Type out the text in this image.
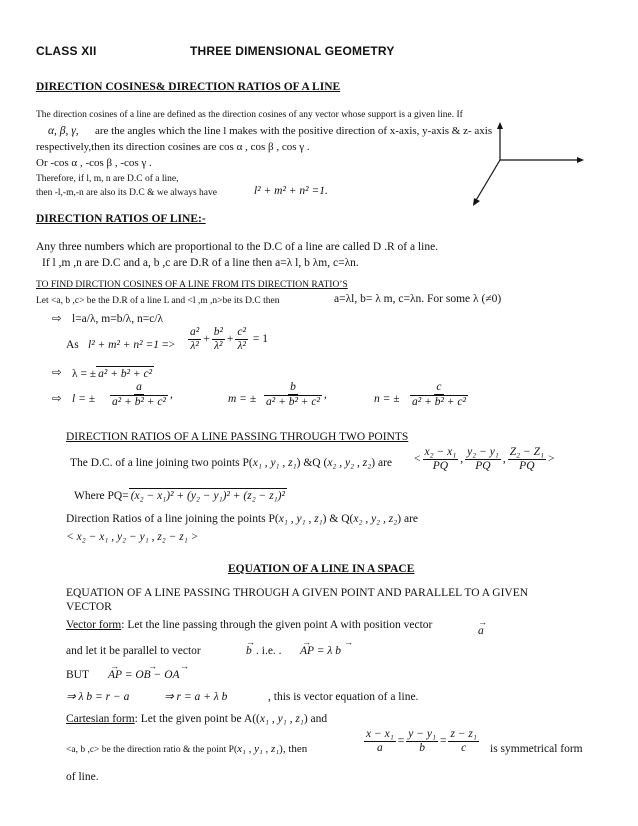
CLASS XII	THREE DIMENSIONAL GEOMETRY
DIRECTION COSINES& DIRECTION RATIOS OF A LINE
The direction cosines of a line are defined as the direction cosines of any vector whose support is a given line. If
α, β, γ, are the angles which the line l makes with the positive direction of x-axis, y-axis & z- axis
respectively,then its direction cosines are cos α , cos β , cos γ .
Or -cos α , -cos β , -cos γ .
Therefore, if l, m, n are D.C of a line,
then -l,-m,-n are also its D.C & we always have	l² + m² + n² =1.
DIRECTION RATIOS OF LINE:-
Any three numbers which are proportional to the D.C of a line are called D .R of a line.
If l ,m ,n are D.C and a, b ,c are D.R of a line then a=λ l, b λm, c=λn.
TO FIND DIRCTION COSINES OF A LINE FROM ITS DIRECTION RATIO’S
Let <a, b ,c> be the D.R of a line L and <l ,m ,n>be its D.C then	a=λl, b= λ m, c=λn. For some λ (≠0)
⇨ l=a/λ, m=b/λ, n=c/λ
As $l^2 + m^2 + n^2 =1 => \frac{\text{a²}}{\text{λ²}} + \frac{\text{b²}}{\text{λ²}} + \frac{\text{c²}}{\text{λ²}} = 1$
⇨ λ = ± a² + b² + c²
⇨ l = ± $\frac{a}{\text{a² + b² + c²}}$ ,	m = ± $\frac{b}{\text{a² + b² + c²}}$ ,	n = ± $\frac{c}{\text{a² + b² + c²}}$
DIRECTION RATIOS OF A LINE PASSING THROUGH TWO POINTS
The D.C. of a line joining two points P(x₁ , y₁ , z₁) &Q (x₂ , y₂ , z₂) are < $\frac{\text{x₂ − x₁}}{PQ}$ , $\frac{\text{y₂ − y₁}}{PQ}$ , $\frac{\text{Z₂ − Z₁}}{PQ}$ >
Where PQ= (x₂ − x₁)² + (y₂ − y₁)² + (z₂ − z₁)²
Direction Ratios of a line joining the points P(x₁ , y₁ , z₁) & Q(x₂ , y₂ , z₂) are
< x₂ − x₁ , y₂ − y₁ , z₂ − z₁ >
EQUATION OF A LINE IN A SPACE
EQUATION OF A LINE PASSING THROUGH A GIVEN POINT AND PARALLEL TO A GIVEN
VECTOR
Vector form: Let the line passing through the given point A with position vector	→
a
and let it be parallel to vector
→
b . i.e. .
→	→
AP = λ b
BUT
→	→	→
AP = OB − OA
⇒ λ b = r − a	⇒ r = a + λ b	, this is vector equation of a line.
Cartesian form: Let the given point be A((x₁ , y₁ , z₁) and
<a, b ,c> be the direction ratio & the point P(x₁ , y₁ , z₁), then	$\frac{\text{x − x₁}}{a} = \frac{\text{y − y₁}}{b} = \frac{\text{z − z₁}}{c}$ is symmetrical form
of line.
